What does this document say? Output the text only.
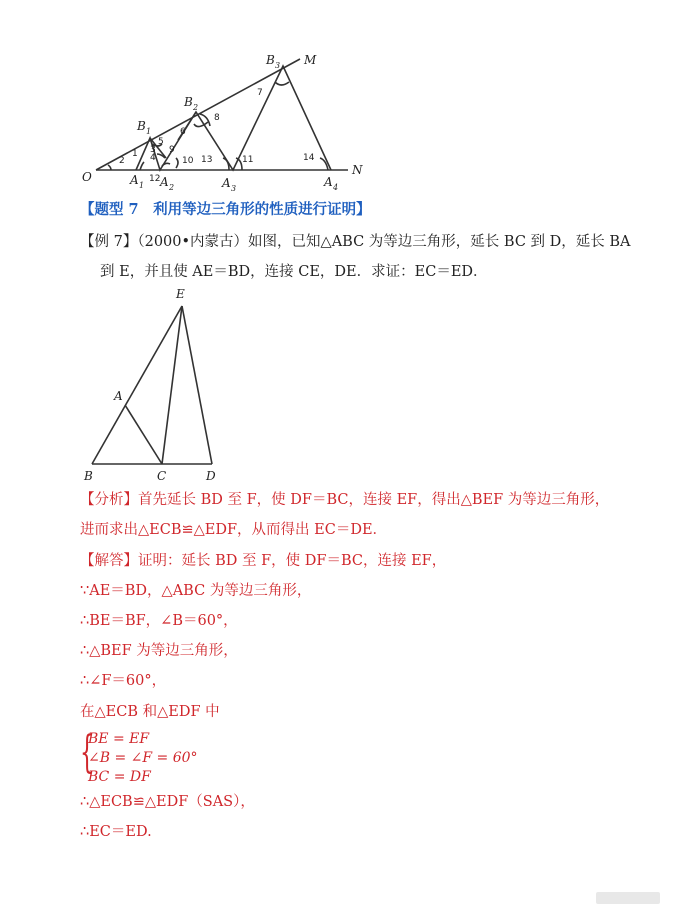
O	A 1 A 2	A 3	A 4
B 1
B 2
B 3 M
N
1
2
3
4
5
6
7
8
9
10	11
12
13	14
【题型 7　利用等边三角形的性质进行证明】
【例 7】（2000•内蒙古）如图，已知△ABC 为等边三角形，延长 BC 到 D，延长 BA
到 E，并且使 AE＝BD，连接 CE，DE．求证：EC＝ED．
E
A
B	C	D
【分析】首先延长 BD 至 F，使 DF＝BC，连接 EF，得出△BEF 为等边三角形，
进而求出△ECB≌△EDF，从而得出 EC＝DE．
【解答】证明：延长 BD 至 F，使 DF＝BC，连接 EF，
∵AE＝BD，△ABC 为等边三角形，
∴BE＝BF，∠B＝60°，
∴△BEF 为等边三角形，
∴∠F＝60°，
在△ECB 和△EDF 中
{
BE = EF
∠B = ∠F = 60°
BC = DF
∴△ECB≌△EDF（SAS），
∴EC＝ED.
